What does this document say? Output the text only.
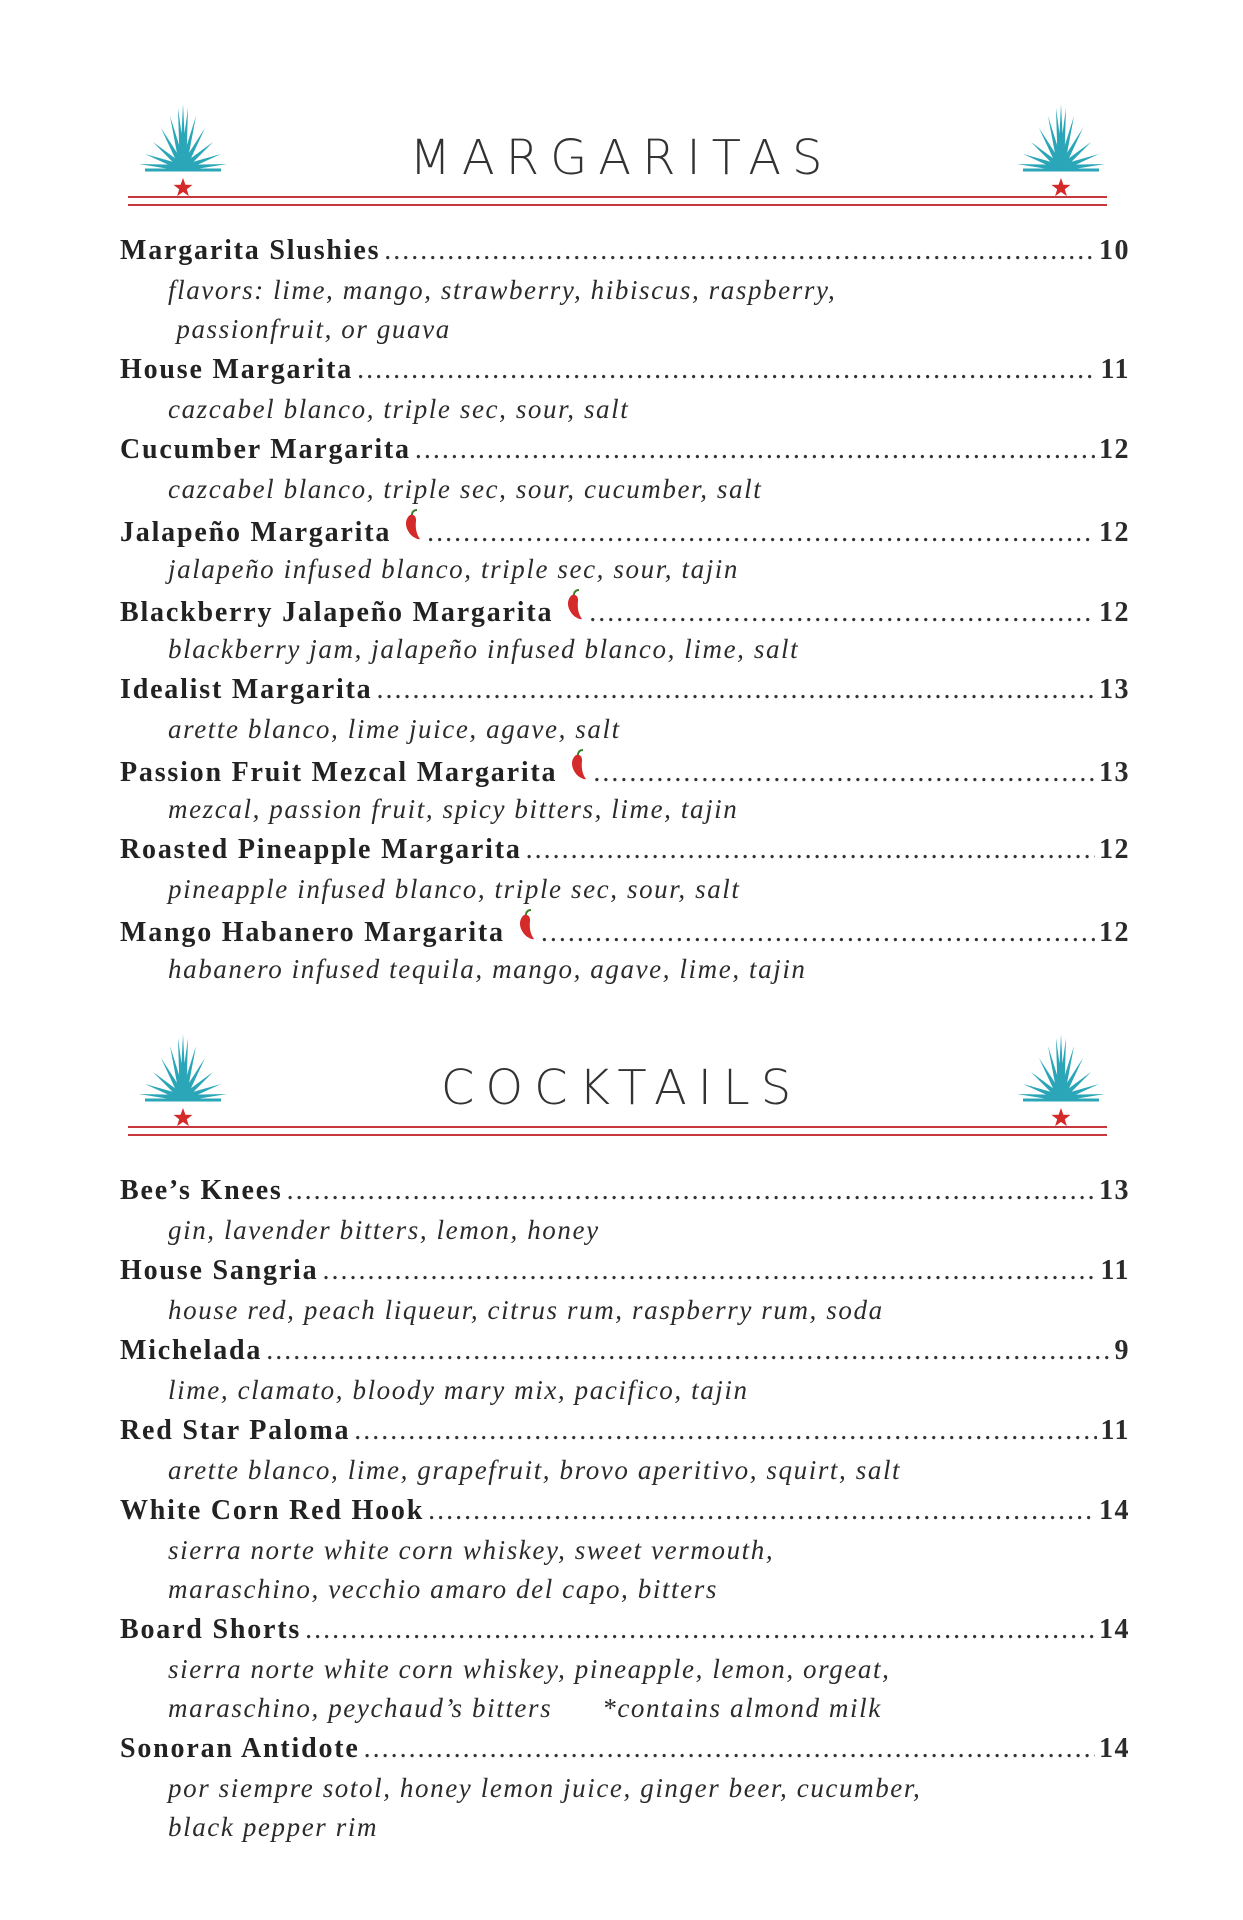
MARGARITAS
Margarita Slushies .....	10
flavors: lime, mango, strawberry, hibiscus, raspberry,
passionfruit, or guava
House Margarita .....	11
cazcabel blanco, triple sec, sour, salt
Cucumber Margarita .....	12
cazcabel blanco, triple sec, sour, cucumber, salt
Jalapeño Margarita .....	12
jalapeño infused blanco, triple sec, sour, tajin
Blackberry Jalapeño Margarita .....	12
blackberry jam, jalapeño infused blanco, lime, salt
Idealist Margarita .....	13
arette blanco, lime juice, agave, salt
Passion Fruit Mezcal Margarita .....	13
mezcal, passion fruit, spicy bitters, lime, tajin
Roasted Pineapple Margarita .....	12
pineapple infused blanco, triple sec, sour, salt
Mango Habanero Margarita .....	12
habanero infused tequila, mango, agave, lime, tajin
COCKTAILS
Bee’s Knees .....	13
gin, lavender bitters, lemon, honey
House Sangria .....	11
house red, peach liqueur, citrus rum, raspberry rum, soda
Michelada .....	9
lime, clamato, bloody mary mix, pacifico, tajin
Red Star Paloma .....	11
arette blanco, lime, grapefruit, brovo aperitivo, squirt, salt
White Corn Red Hook .....	14
sierra norte white corn whiskey, sweet vermouth,
maraschino, vecchio amaro del capo, bitters
Board Shorts .....	14
sierra norte white corn whiskey, pineapple, lemon, orgeat,
maraschino, peychaud’s bitters *contains almond milk
Sonoran Antidote .....	14
por siempre sotol, honey lemon juice, ginger beer, cucumber,
black pepper rim
